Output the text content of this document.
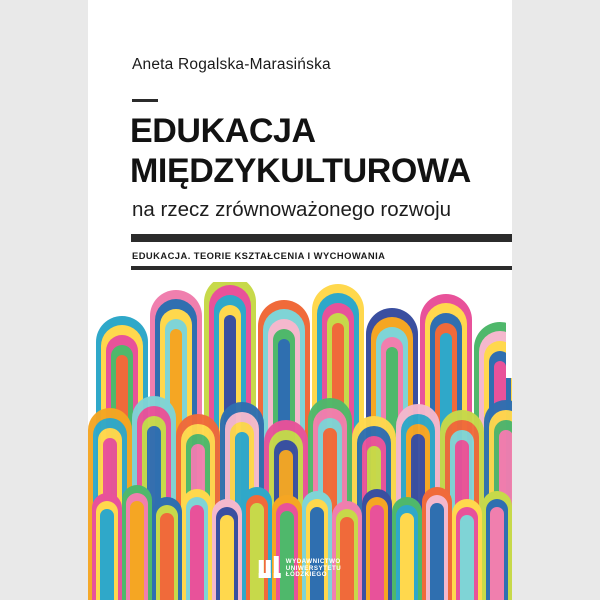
Aneta Rogalska-Marasińska
EDUKACJA
MIĘDZYKULTUROWA
na rzecz zrównoważonego rozwoju
EDUKACJA. TEORIE KSZTAŁCENIA I WYCHOWANIA
WYDAWNICTWO
UNIWERSYTETU
ŁÓDZKIEGO
